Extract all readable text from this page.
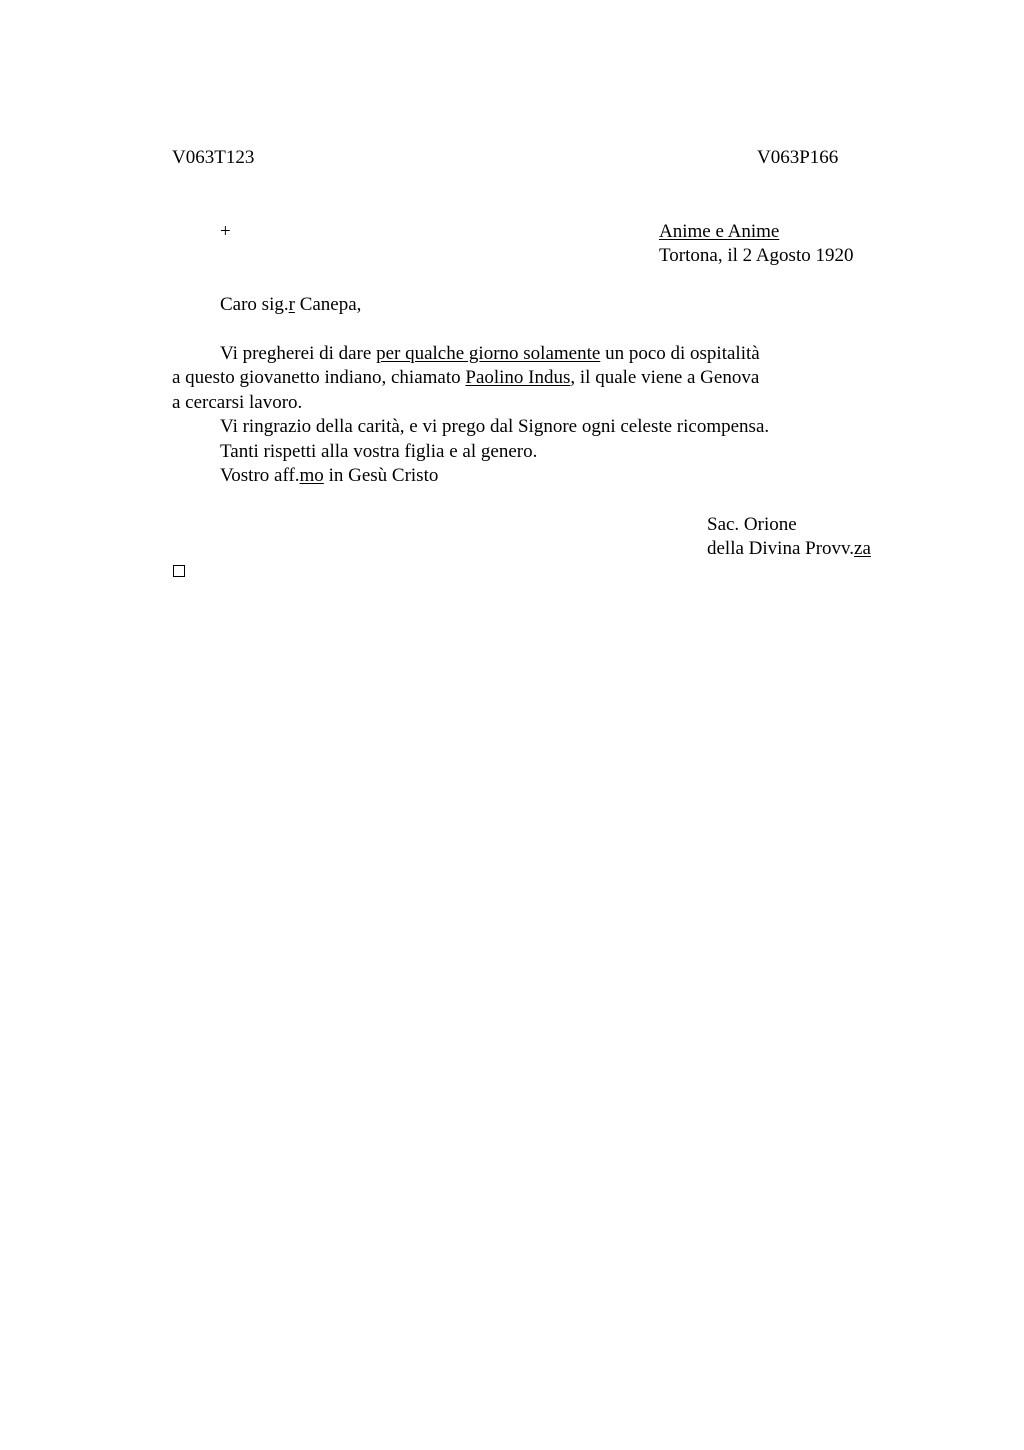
V063T123	V063P166
+	Anime e Anime
Tortona, il 2 Agosto 1920
Caro sig.r Canepa,
Vi pregherei di dare per qualche giorno solamente un poco di ospitalità
a questo giovanetto indiano, chiamato Paolino Indus, il quale viene a Genova
a cercarsi lavoro.
Vi ringrazio della carità, e vi prego dal Signore ogni celeste ricompensa.
Tanti rispetti alla vostra figlia e al genero.
Vostro aff.mo in Gesù Cristo
Sac. Orione
della Divina Provv.za
